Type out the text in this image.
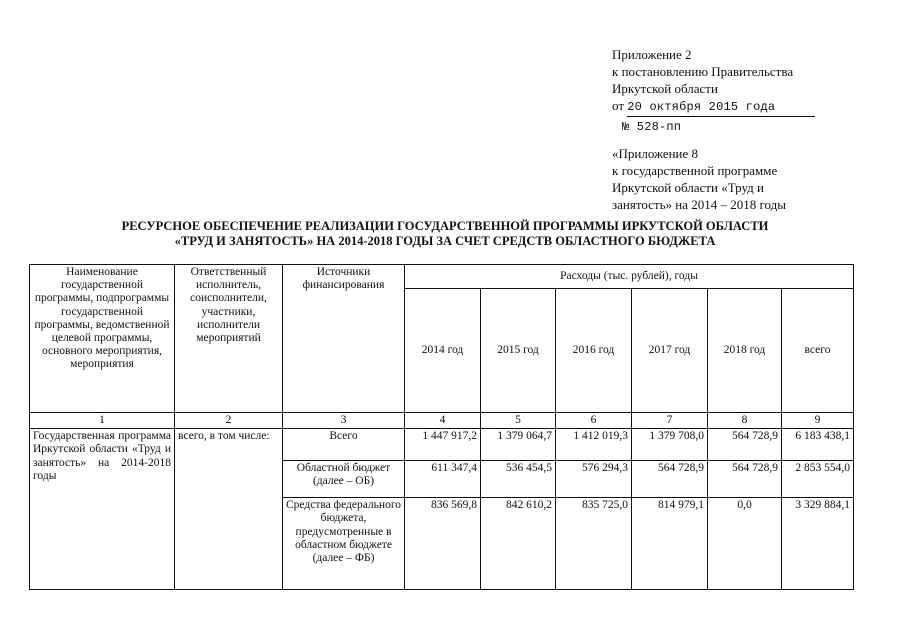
Приложение 2
к постановлению Правительства
Иркутской области
от 20 октября 2015 года
№ 528-пп
«Приложение 8
к государственной программе
Иркутской области «Труд и
занятость» на 2014 – 2018 годы
РЕСУРСНОЕ ОБЕСПЕЧЕНИЕ РЕАЛИЗАЦИИ ГОСУДАРСТВЕННОЙ ПРОГРАММЫ ИРКУТСКОЙ ОБЛАСТИ
«ТРУД И ЗАНЯТОСТЬ» НА 2014-2018 ГОДЫ ЗА СЧЕТ СРЕДСТВ ОБЛАСТНОГО БЮДЖЕТА
Наименование государственной программы, подпрограммы государственной программы, ведомственной целевой программы, основного мероприятия, мероприятия	Ответственный исполнитель, соисполнители, участники, исполнители мероприятий	Источники финансирования	Расходы (тыс. рублей), годы					
			2014 год	2015 год	2016 год	2017 год	2018 год	всего
1	2	3	4	5	6	7	8	9
Государственная программа Иркутской области «Труд и занятость» на 2014-2018 годы	всего, в том числе:	Всего	1 447 917,2	1 379 064,7	1 412 019,3	1 379 708,0	564 728,9	6 183 438,1
		Областной бюджет (далее – ОБ)	611 347,4	536 454,5	576 294,3	564 728,9	564 728,9	2 853 554,0
		Средства федерального бюджета, предусмотренные в областном бюджете (далее – ФБ)	836 569,8	842 610,2	835 725,0	814 979,1	0,0	3 329 884,1
